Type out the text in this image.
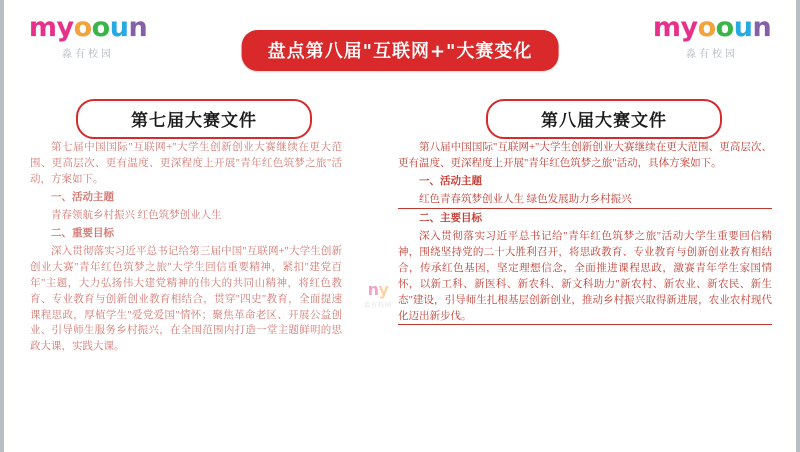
myooun
淼有校园
myooun
淼有校园
盘点第八届"互联网+"大赛变化
第七届大赛文件	第八届大赛文件

第七届中国国际"互联网+"大学生创新创业大赛继续在更大范围、更高层次、更有温度、更深程度上开展"青年红色筑梦之旅"活动，方案如下。

一、活动主题

青春领航乡村振兴 红色筑梦创业人生

二、重要目标

深入贯彻落实习近平总书记给第三届中国"互联网+"大学生创新创业大赛"青年红色筑梦之旅"大学生回信重要精神，紧扣"建党百年"主题，大力弘扬伟大建党精神的伟大的共同山精神，将红色教育、专业教育与创新创业教育相结合，贯穿"四史"教育，全面提速课程思政，厚植学生"爱党爱国"情怀；聚焦革命老区、开展公益创业、引导师生服务乡村振兴，在全国范围内打造一堂主题鲜明的思政大课，实践大课。

第八届中国国际"互联网+"大学生创新创业大赛继续在更大范围、更高层次、更有温度、更深程度上开展"青年红色筑梦之旅"活动，具体方案如下。

一、活动主题

红色青春筑梦创业人生 绿色发展助力乡村振兴

二、主要目标

深入贯彻落实习近平总书记给"青年红色筑梦之旅"活动大学生重要回信精神，围绕坚持党的二十大胜利召开，将思政教育、专业教育与创新创业教育相结合，传承红色基因，坚定理想信念，全面推进课程思政，激赛青年学生家国情怀，以新工科、新医科、新农科、新文科助力"新农村、新农业、新农民、新生态"建设，引导师生扎根基层创新创业，推动乡村振兴取得新进展，农业农村现代化迈出新步伐。

ny
淼有校园
